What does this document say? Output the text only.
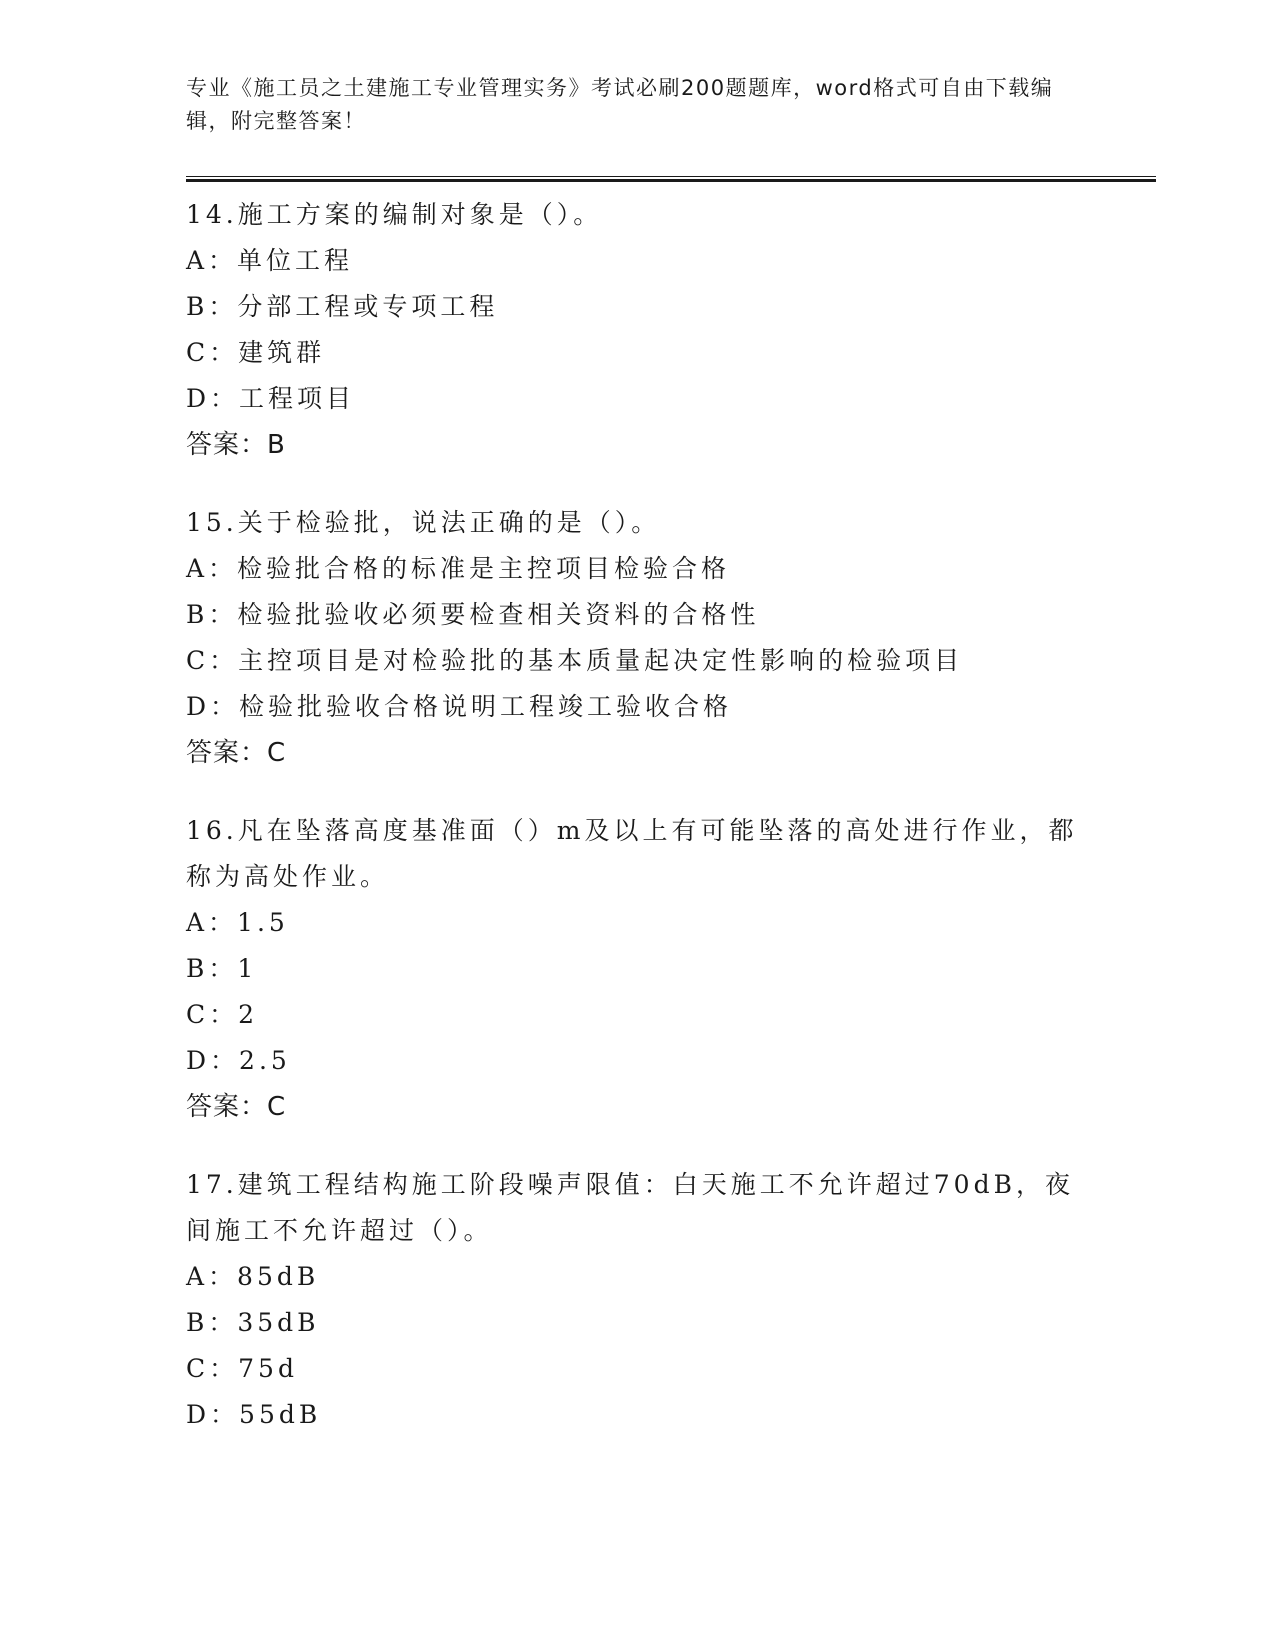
专业《施工员之土建施工专业管理实务》考试必刷200题题库，word格式可自由下载编辑，附完整答案！

14.施工方案的编制对象是（）。

A：单位工程

B：分部工程或专项工程

C：建筑群

D：工程项目

答案：B

15.关于检验批，说法正确的是（）。

A：检验批合格的标准是主控项目检验合格

B：检验批验收必须要检查相关资料的合格性

C：主控项目是对检验批的基本质量起决定性影响的检验项目

D：检验批验收合格说明工程竣工验收合格

答案：C

16.凡在坠落高度基准面（）m及以上有可能坠落的高处进行作业，都称为高处作业。

A：1.5

B：1

C：2

D：2.5

答案：C

17.建筑工程结构施工阶段噪声限值：白天施工不允许超过70dB，夜间施工不允许超过（）。

A：85dB

B：35dB

C：75d

D：55dB
